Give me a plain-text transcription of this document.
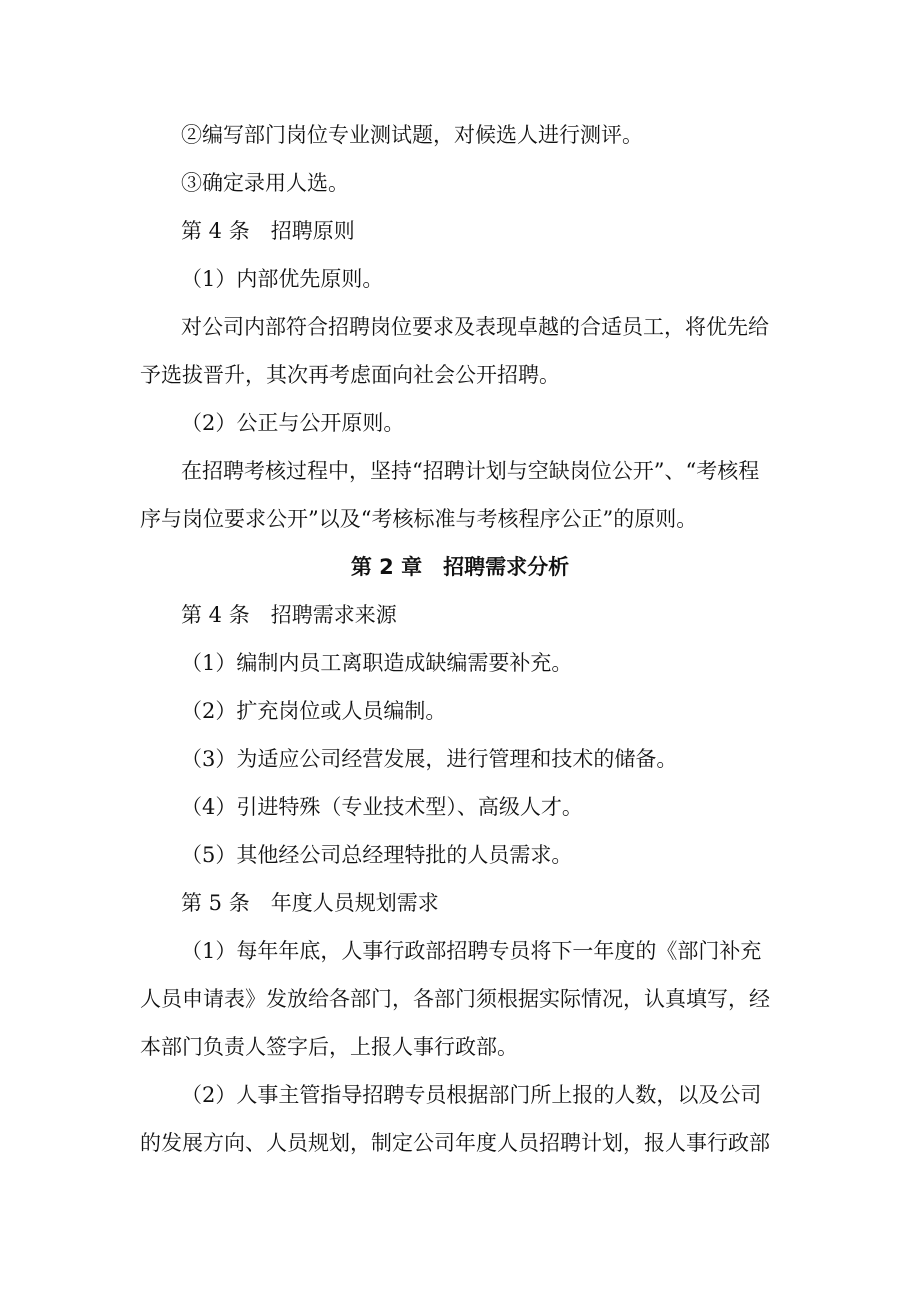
②编写部门岗位专业测试题，对候选人进行测评。
③确定录用人选。
第 4 条　招聘原则
（1）内部优先原则。
对公司内部符合招聘岗位要求及表现卓越的合适员工，将优先给
予选拔晋升，其次再考虑面向社会公开招聘。
（2）公正与公开原则。
在招聘考核过程中，坚持“招聘计划与空缺岗位公开”、“考核程
序与岗位要求公开”以及“考核标准与考核程序公正”的原则。
第 2 章　招聘需求分析
第 4 条　招聘需求来源
（1）编制内员工离职造成缺编需要补充。
（2）扩充岗位或人员编制。
（3）为适应公司经营发展，进行管理和技术的储备。
（4）引进特殊（专业技术型）、高级人才。
（5）其他经公司总经理特批的人员需求。
第 5 条　年度人员规划需求
（1）每年年底，人事行政部招聘专员将下一年度的《部门补充
人员申请表》发放给各部门，各部门须根据实际情况，认真填写，经
本部门负责人签字后，上报人事行政部。
（2）人事主管指导招聘专员根据部门所上报的人数，以及公司
的发展方向、人员规划，制定公司年度人员招聘计划，报人事行政部
